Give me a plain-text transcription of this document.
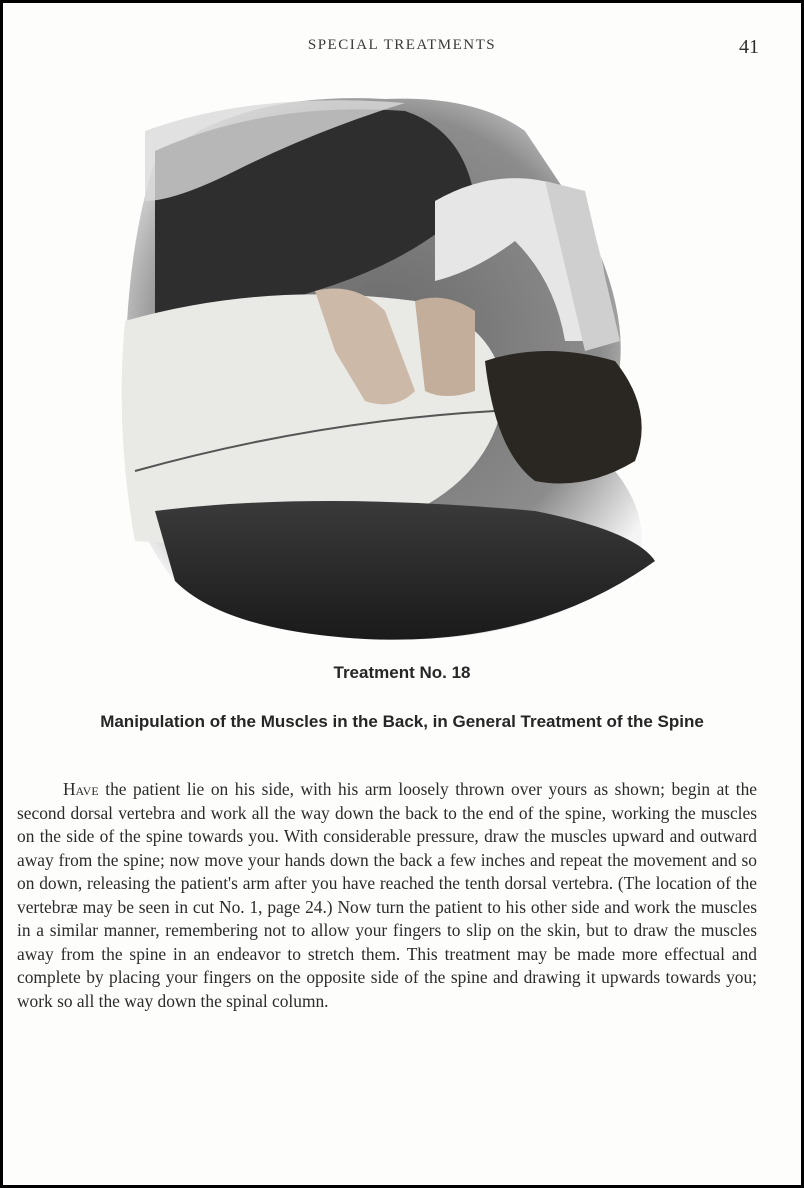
SPECIAL TREATMENTS	41
Treatment No. 18
Manipulation of the Muscles in the Back, in General Treatment of the Spine

Have the patient lie on his side, with his arm loosely thrown over yours as shown; begin at the second dorsal vertebra and work all the way down the back to the end of the spine, working the muscles on the side of the spine towards you. With considerable pressure, draw the muscles upward and outward away from the spine; now move your hands down the back a few inches and repeat the movement and so on down, releasing the patient's arm after you have reached the tenth dorsal vertebra. (The location of the vertebræ may be seen in cut No. 1, page 24.) Now turn the patient to his other side and work the muscles in a similar manner, remembering not to allow your fingers to slip on the skin, but to draw the muscles away from the spine in an endeavor to stretch them. This treatment may be made more effectual and complete by placing your fingers on the opposite side of the spine and drawing it upwards towards you; work so all the way down the spinal column.
